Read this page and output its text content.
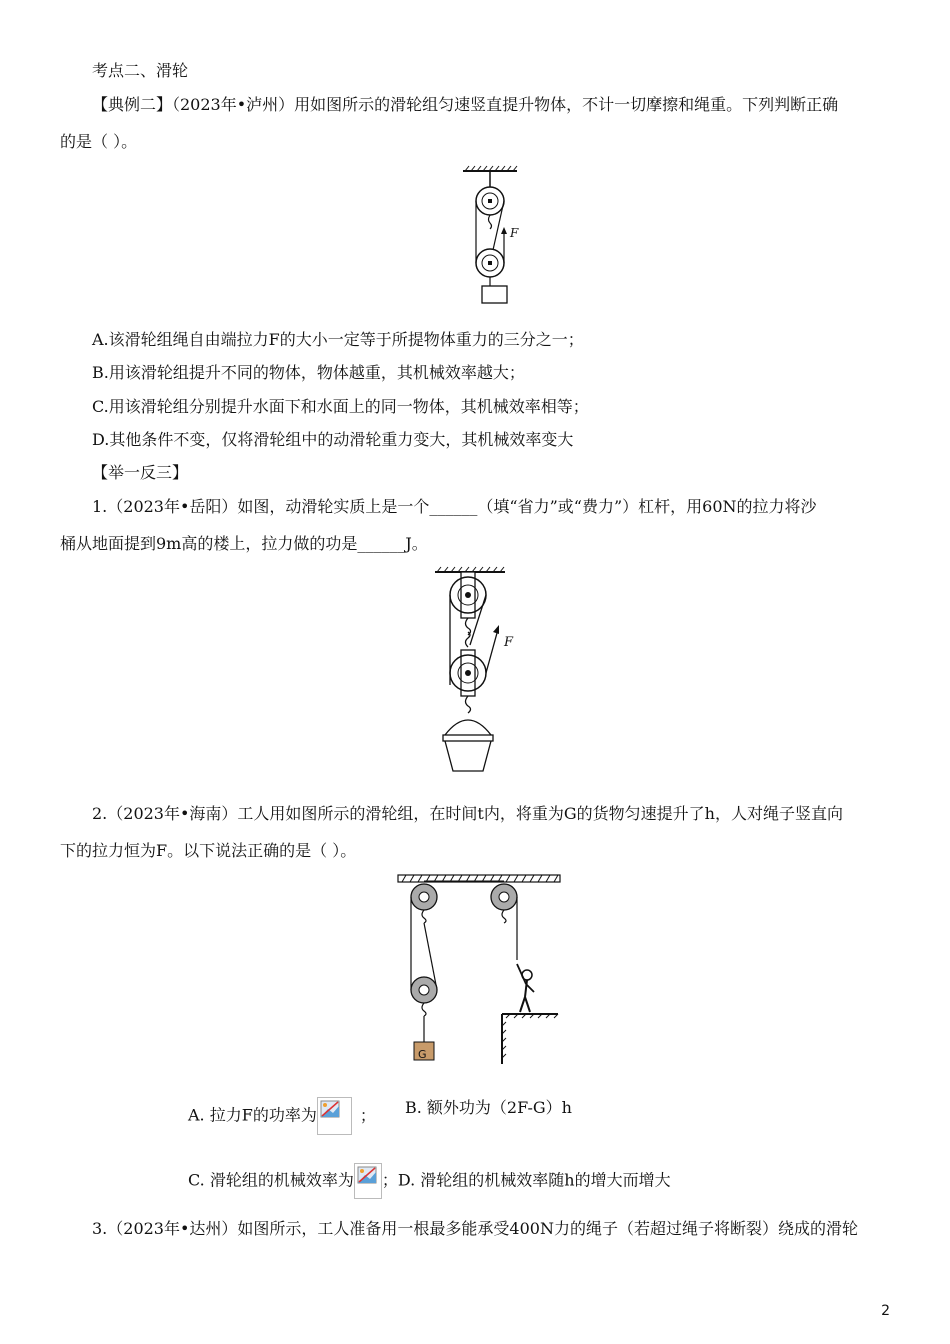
考点二、滑轮
【典例二】（2023年•泸州）用如图所示的滑轮组匀速竖直提升物体，不计一切摩擦和绳重。下列判断正确
的是（ ）。
F
A.该滑轮组绳自由端拉力F的大小一定等于所提物体重力的三分之一；
B.用该滑轮组提升不同的物体，物体越重，其机械效率越大；
C.用该滑轮组分别提升水面下和水面上的同一物体，其机械效率相等；
D.其他条件不变，仅将滑轮组中的动滑轮重力变大，其机械效率变大
【举一反三】
1.（2023年•岳阳）如图，动滑轮实质上是一个______（填“省力”或“费力”）杠杆，用60N的拉力将沙
桶从地面提到9m高的楼上，拉力做的功是______J。
F
2.（2023年•海南）工人用如图所示的滑轮组，在时间t内，将重为G的货物匀速提升了h，人对绳子竖直向
下的拉力恒为F。以下说法正确的是（ ）。
G
A. 拉力F的功率为	； B. 额外功为（2F-G）h
C. 滑轮组的机械效率为 ；D. 滑轮组的机械效率随h的增大而增大
3.（2023年•达州）如图所示，工人准备用一根最多能承受400N力的绳子（若超过绳子将断裂）绕成的滑轮
2
